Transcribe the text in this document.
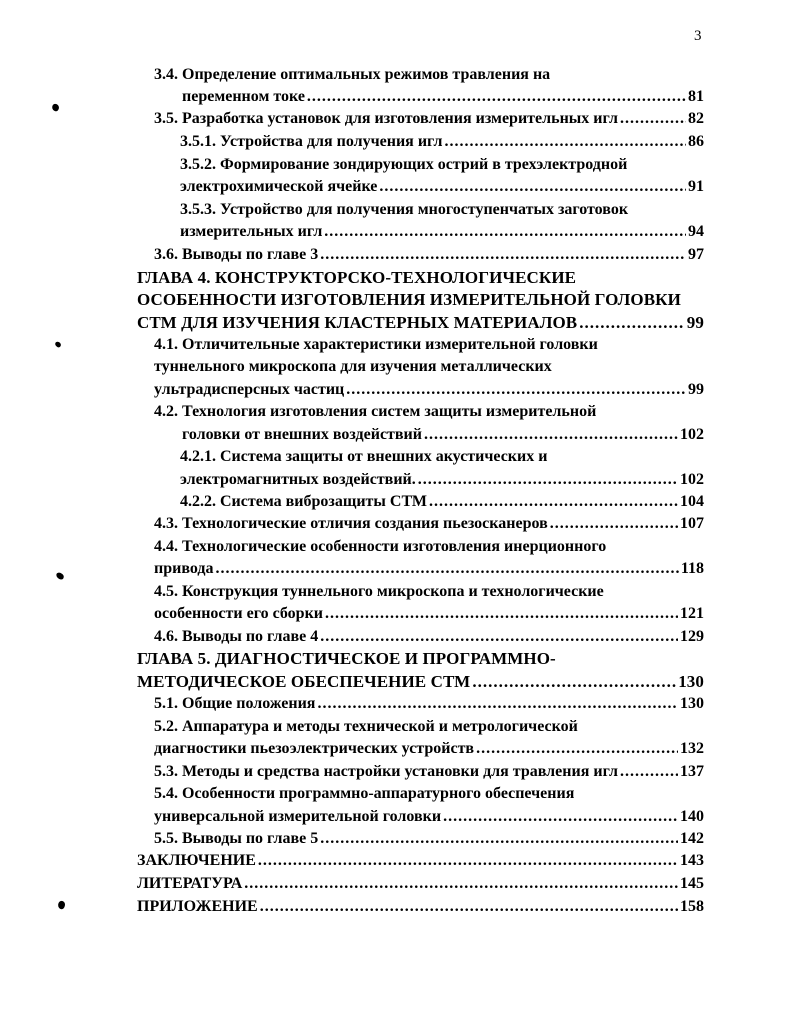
3
3.4. Определение оптимальных режимов травления на
переменном токе .....	81
3.5. Разработка установок для изготовления измерительных игл .....	82
3.5.1. Устройства для получения игл .....	86
3.5.2. Формирование зондирующих острий в трехэлектродной
электрохимической ячейке .....	91
3.5.3. Устройство для получения многоступенчатых заготовок
измерительных игл .....	94
3.6. Выводы по главе 3 .....	97
ГЛАВА 4. КОНСТРУКТОРСКО-ТЕХНОЛОГИЧЕСКИЕ
ОСОБЕННОСТИ ИЗГОТОВЛЕНИЯ ИЗМЕРИТЕЛЬНОЙ ГОЛОВКИ
СТМ ДЛЯ ИЗУЧЕНИЯ КЛАСТЕРНЫХ МАТЕРИАЛОВ .....	99
4.1. Отличительные характеристики измерительной головки
туннельного микроскопа для изучения металлических
ультрадисперсных частиц .....	99
4.2. Технология изготовления систем защиты измерительной
головки от внешних воздействий .....	102
4.2.1. Система защиты от внешних акустических и
электромагнитных воздействий. .....	102
4.2.2. Система виброзащиты СТМ .....	104
4.3. Технологические отличия создания пьезосканеров .....	107
4.4. Технологические особенности изготовления инерционного
привода .....	118
4.5. Конструкция туннельного микроскопа и технологические
особенности его сборки .....	121
4.6. Выводы по главе 4 .....	129
ГЛАВА 5. ДИАГНОСТИЧЕСКОЕ И ПРОГРАММНО-
МЕТОДИЧЕСКОЕ ОБЕСПЕЧЕНИЕ СТМ .....	130
5.1. Общие положения .....	130
5.2. Аппаратура и методы технической и метрологической
диагностики пьезоэлектрических устройств .....	132
5.3. Методы и средства настройки установки для травления игл .....	137
5.4. Особенности программно-аппаратурного обеспечения
универсальной измерительной головки .....	140
5.5. Выводы по главе 5 .....	142
ЗАКЛЮЧЕНИЕ .....	143
ЛИТЕРАТУРА .....	145
ПРИЛОЖЕНИЕ .....	158
